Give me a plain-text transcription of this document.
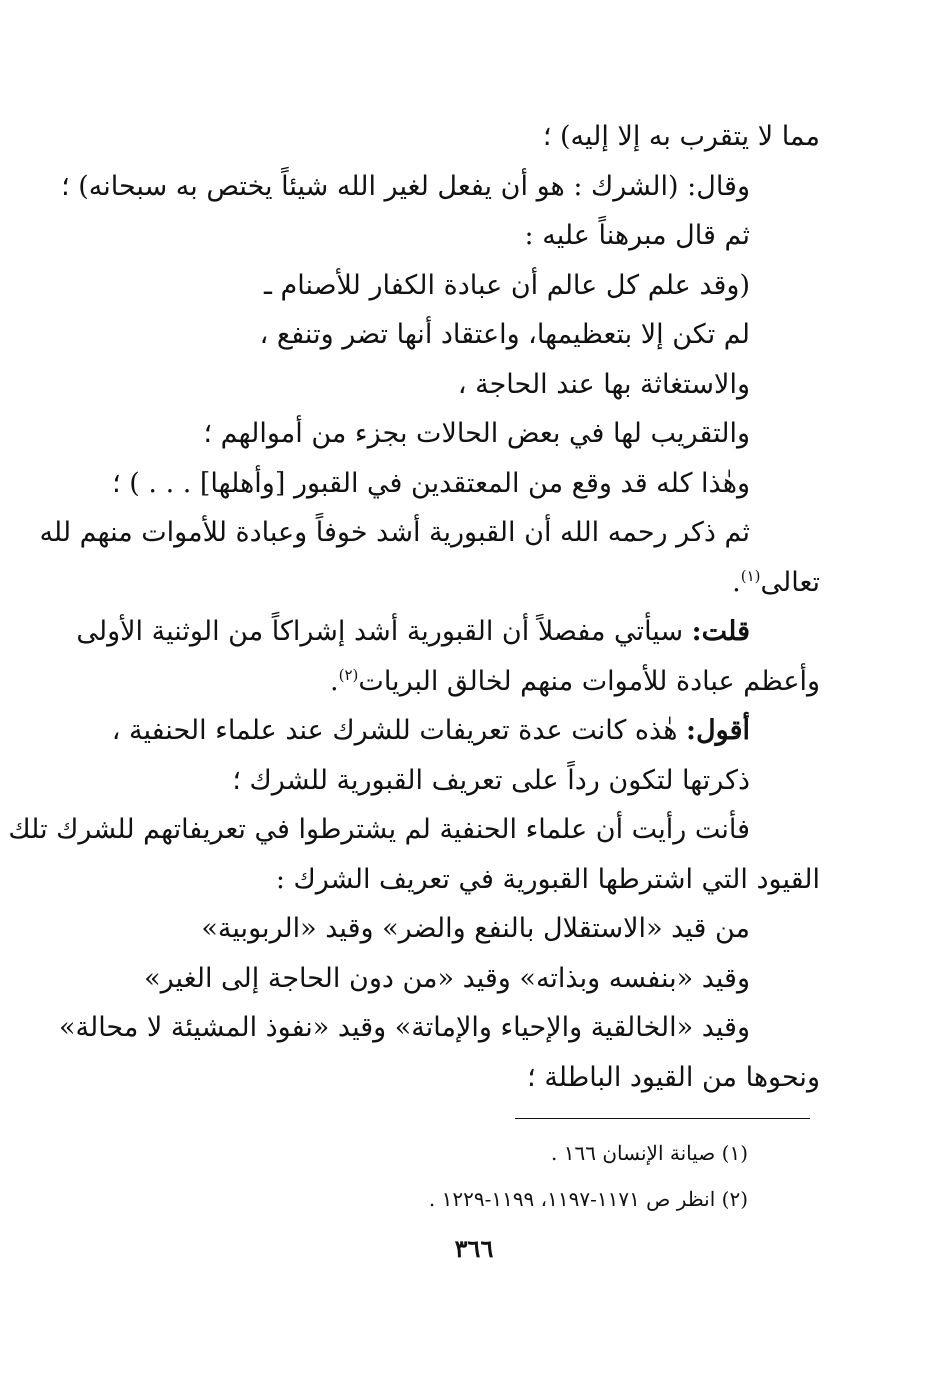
مما لا يتقرب به إلا إليه) ؛
وقال: (الشرك : هو أن يفعل لغير الله شيئاً يختص به سبحانه) ؛
ثم قال مبرهناً عليه :
(وقد علم كل عالم أن عبادة الكفار للأصنام ـ
لم تكن إلا بتعظيمها، واعتقاد أنها تضر وتنفع ،
والاستغاثة بها عند الحاجة ،
والتقريب لها في بعض الحالات بجزء من أموالهم ؛
وهٰذا كله قد وقع من المعتقدين في القبور [وأهلها] . . . ) ؛
ثم ذكر رحمه الله أن القبورية أشد خوفاً وعبادة للأموات منهم لله
تعالى$^{(١)}$.
قلت: سيأتي مفصلاً أن القبورية أشد إشراكاً من الوثنية الأولى
وأعظم عبادة للأموات منهم لخالق البريات$^{(٢)}$.
أقول: هٰذه كانت عدة تعريفات للشرك عند علماء الحنفية ،
ذكرتها لتكون رداً على تعريف القبورية للشرك ؛
فأنت رأيت أن علماء الحنفية لم يشترطوا في تعريفاتهم للشرك تلك
القيود التي اشترطها القبورية في تعريف الشرك :
من قيد «الاستقلال بالنفع والضر» وقيد «الربوبية»
وقيد «بنفسه وبذاته» وقيد «من دون الحاجة إلى الغير»
وقيد «الخالقية والإحياء والإماتة» وقيد «نفوذ المشيئة لا محالة»
ونحوها من القيود الباطلة ؛
(١) صيانة الإنسان ١٦٦ .
(٢) انظر ص ١١٧١-١١٩٧، ١١٩٩-١٢٢٩ .
٣٦٦
